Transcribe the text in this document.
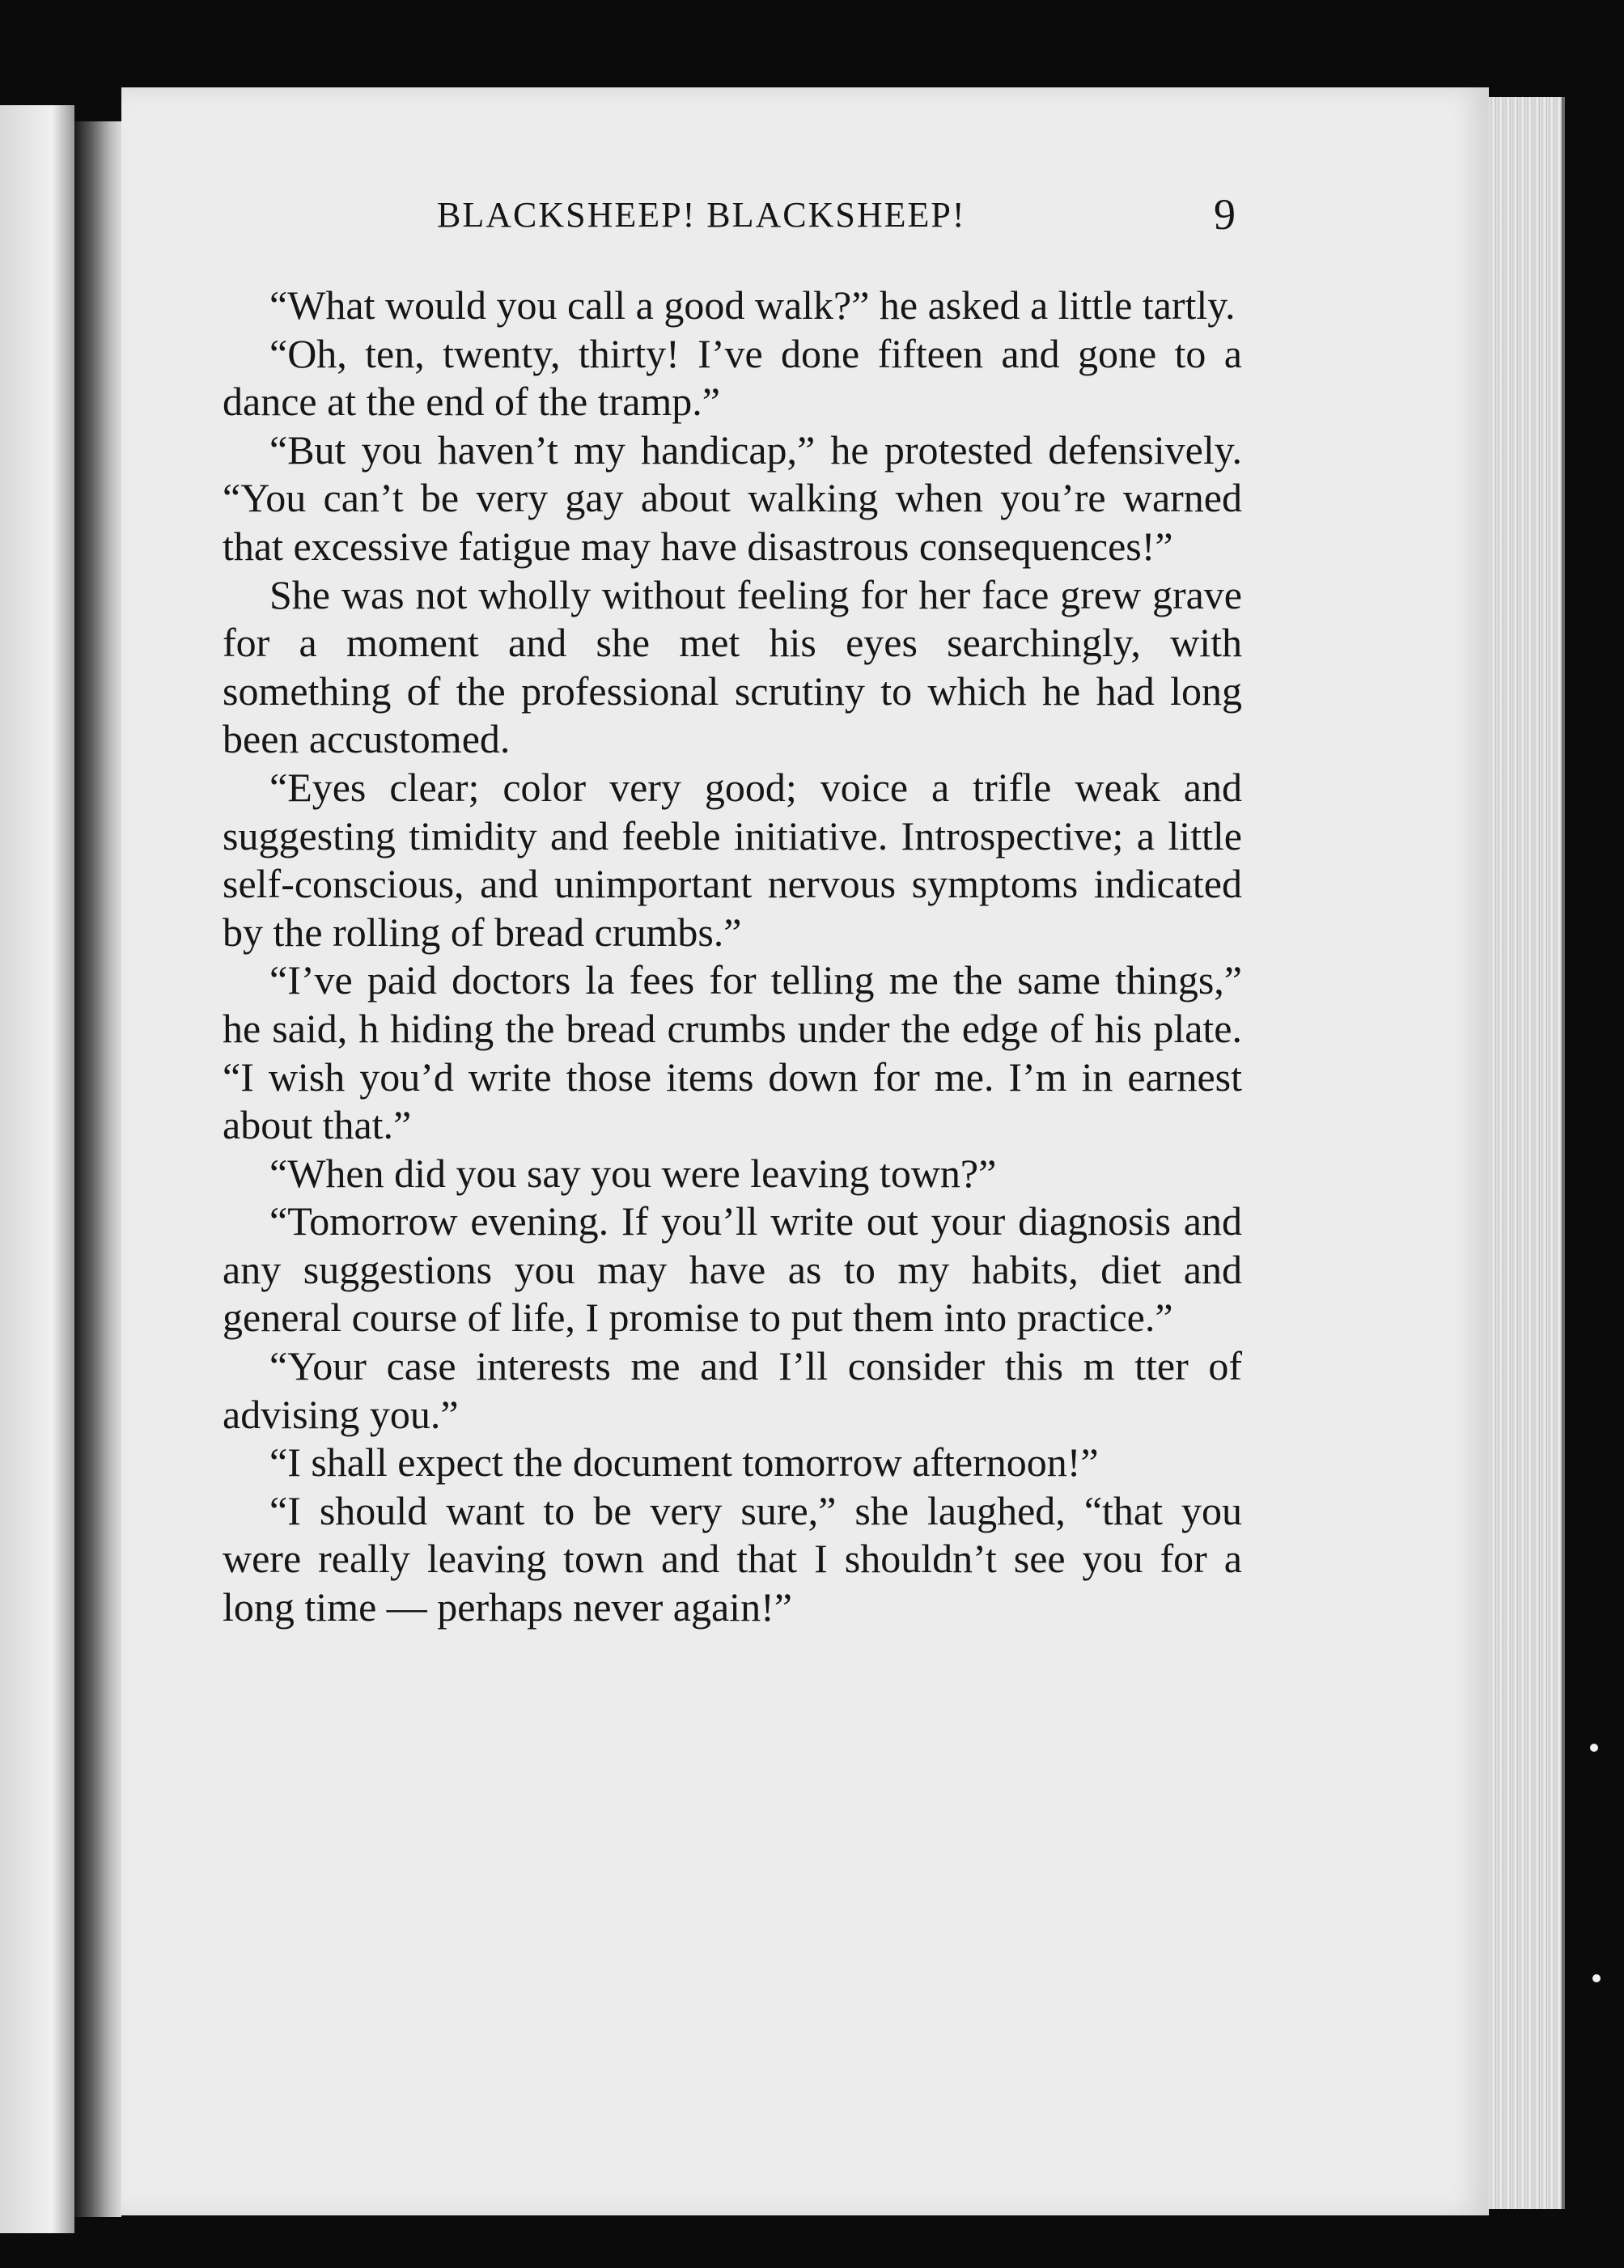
BLACKSHEEP! BLACKSHEEP!	9

“What would you call a good walk?” he asked a little tartly.

“Oh, ten, twenty, thirty! I’ve done fifteen and gone to a dance at the end of the tramp.”

“But you haven’t my handicap,” he protested defensively. “You can’t be very gay about walking when you’re warned that excessive fatigue may have disastrous consequences!”

She was not wholly without feeling for her face grew grave for a moment and she met his eyes searchingly, with something of the professional scrutiny to which he had long been accustomed.

“Eyes clear; color very good; voice a trifle weak and suggesting timidity and feeble initiative. Introspective; a little self-conscious, and unimportant nervous symptoms indicated by the rolling of bread crumbs.”

“I’ve paid doctors la fees for telling me the same things,” he said, h hiding the bread crumbs under the edge of his plate. “I wish you’d write those items down for me. I’m in earnest about that.”

“When did you say you were leaving town?”

“Tomorrow evening. If you’ll write out your diagnosis and any suggestions you may have as to my habits, diet and general course of life, I promise to put them into practice.”

“Your case interests me and I’ll consider this m tter of advising you.”

“I shall expect the document tomorrow afternoon!”

“I should want to be very sure,” she laughed, “that you were really leaving town and that I shouldn’t see you for a long time — perhaps never again!”
